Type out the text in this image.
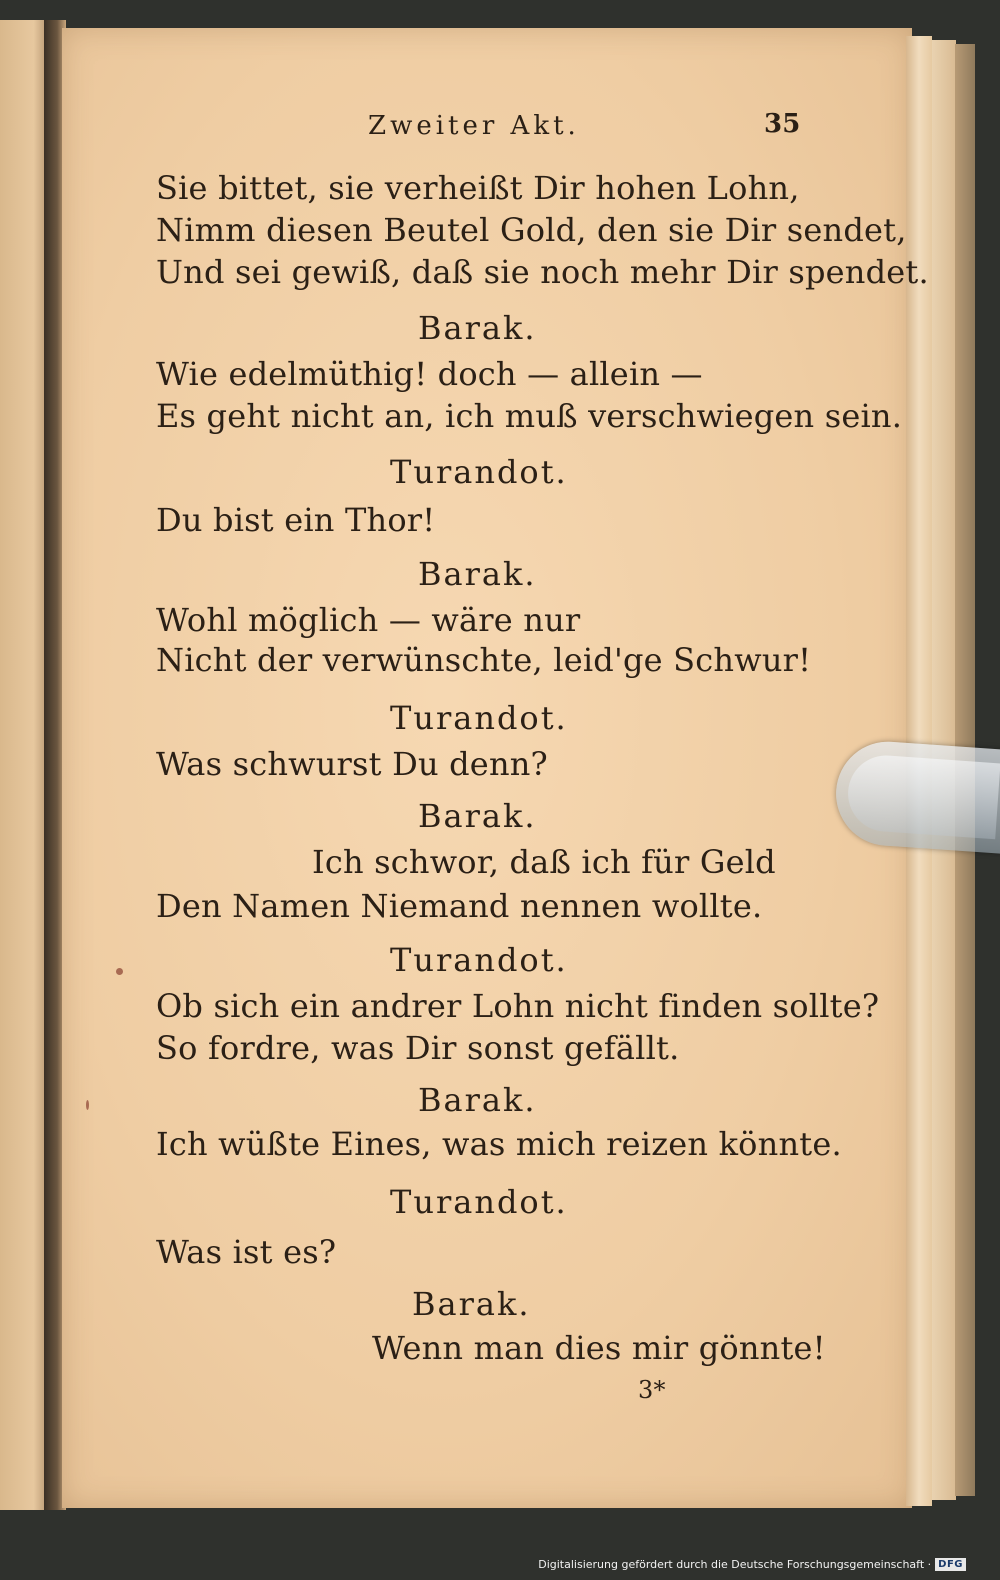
Zweiter Akt.	35
Sie bittet, sie verheißt Dir hohen Lohn,
Nimm diesen Beutel Gold, den sie Dir sendet,
Und sei gewiß, daß sie noch mehr Dir spendet.
Barak.
Wie edelmüthig! doch — allein —
Es geht nicht an, ich muß verschwiegen sein.
Turandot.
Du bist ein Thor!
Barak.
Wohl möglich — wäre nur
Nicht der verwünschte, leid'ge Schwur!
Turandot.
Was schwurst Du denn?
Barak.
Ich schwor, daß ich für Geld
Den Namen Niemand nennen wollte.
Turandot.
Ob sich ein andrer Lohn nicht finden sollte?
So fordre, was Dir sonst gefällt.
Barak.
Ich wüßte Eines, was mich reizen könnte.
Turandot.
Was ist es?
Barak.
Wenn man dies mir gönnte!
3*
Digitalisierung gefördert durch die Deutsche Forschungsgemeinschaft · DFG
